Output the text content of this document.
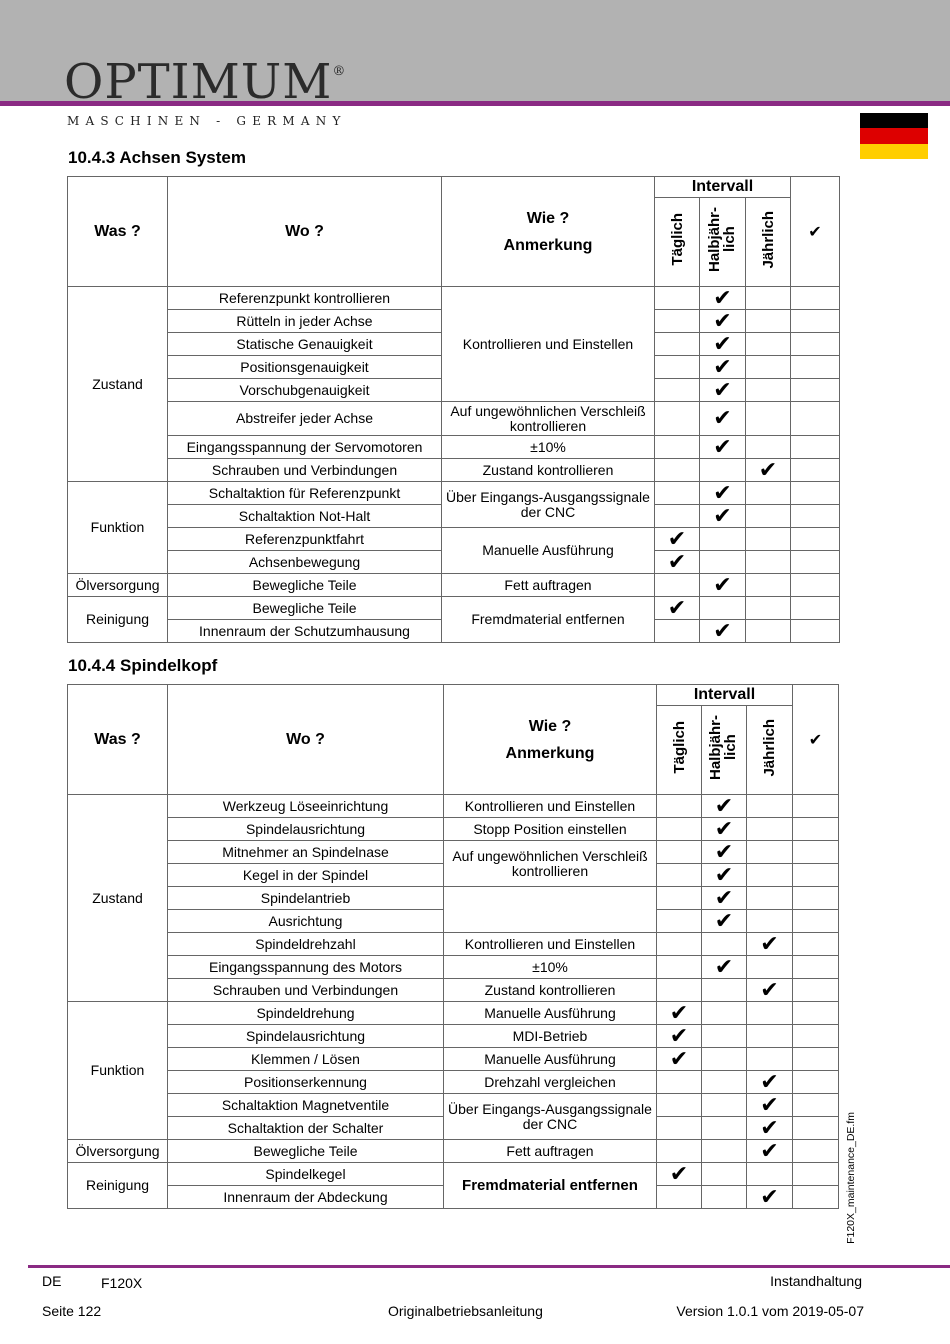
OPTIMUM®
MASCHINEN - GERMANY
10.4.3 Achsen System
Was ?	Wo ?	Wie ?
Anmerkung	Intervall			✔
			Täglich	Halbjähr-
lich	Jährlich	
Zustand	Referenzpunkt kontrollieren	Kontrollieren und Einstellen		✔		
	Rütteln in jeder Achse			✔		
	Statische Genauigkeit			✔		
	Positionsgenauigkeit			✔		
	Vorschubgenauigkeit			✔		
	Abstreifer jeder Achse	Auf ungewöhnlichen Verschleiß kontrollieren		✔		
	Eingangsspannung der Servomotoren	±10%		✔		
	Schrauben und Verbindungen	Zustand kontrollieren			✔	
Funktion	Schaltaktion für Referenzpunkt	Über Eingangs-Ausgangssignale der CNC		✔		
	Schaltaktion Not-Halt			✔		
	Referenzpunktfahrt	Manuelle Ausführung	✔			
	Achsenbewegung		✔			
Ölversorgung	Bewegliche Teile	Fett auftragen		✔		
Reinigung	Bewegliche Teile	Fremdmaterial entfernen	✔			
	Innenraum der Schutzumhausung			✔		
10.4.4 Spindelkopf
Was ?	Wo ?	Wie ?
Anmerkung	Intervall			✔
			Täglich	Halbjähr-
lich	Jährlich	
Zustand	Werkzeug Löseeinrichtung	Kontrollieren und Einstellen		✔		
	Spindelausrichtung	Stopp Position einstellen		✔		
	Mitnehmer an Spindelnase	Auf ungewöhnlichen Verschleiß kontrollieren		✔		
	Kegel in der Spindel			✔		
	Spindelantrieb			✔		
	Ausrichtung			✔		
	Spindeldrehzahl	Kontrollieren und Einstellen			✔	
	Eingangsspannung des Motors	±10%		✔		
	Schrauben und Verbindungen	Zustand kontrollieren			✔	
Funktion	Spindeldrehung	Manuelle Ausführung	✔			
	Spindelausrichtung	MDI-Betrieb	✔			
	Klemmen / Lösen	Manuelle Ausführung	✔			
	Positionserkennung	Drehzahl vergleichen			✔	
	Schaltaktion Magnetventile	Über Eingangs-Ausgangssignale der CNC			✔	
	Schaltaktion der Schalter				✔	
Ölversorgung	Bewegliche Teile	Fett auftragen			✔	
Reinigung	Spindelkegel	Fremdmaterial entfernen	✔			
	Innenraum der Abdeckung				✔		F120X_maintenance_DE.fm
DE	F120X	Instandhaltung
Seite 122	Originalbetriebsanleitung	Version 1.0.1 vom 2019-05-07
